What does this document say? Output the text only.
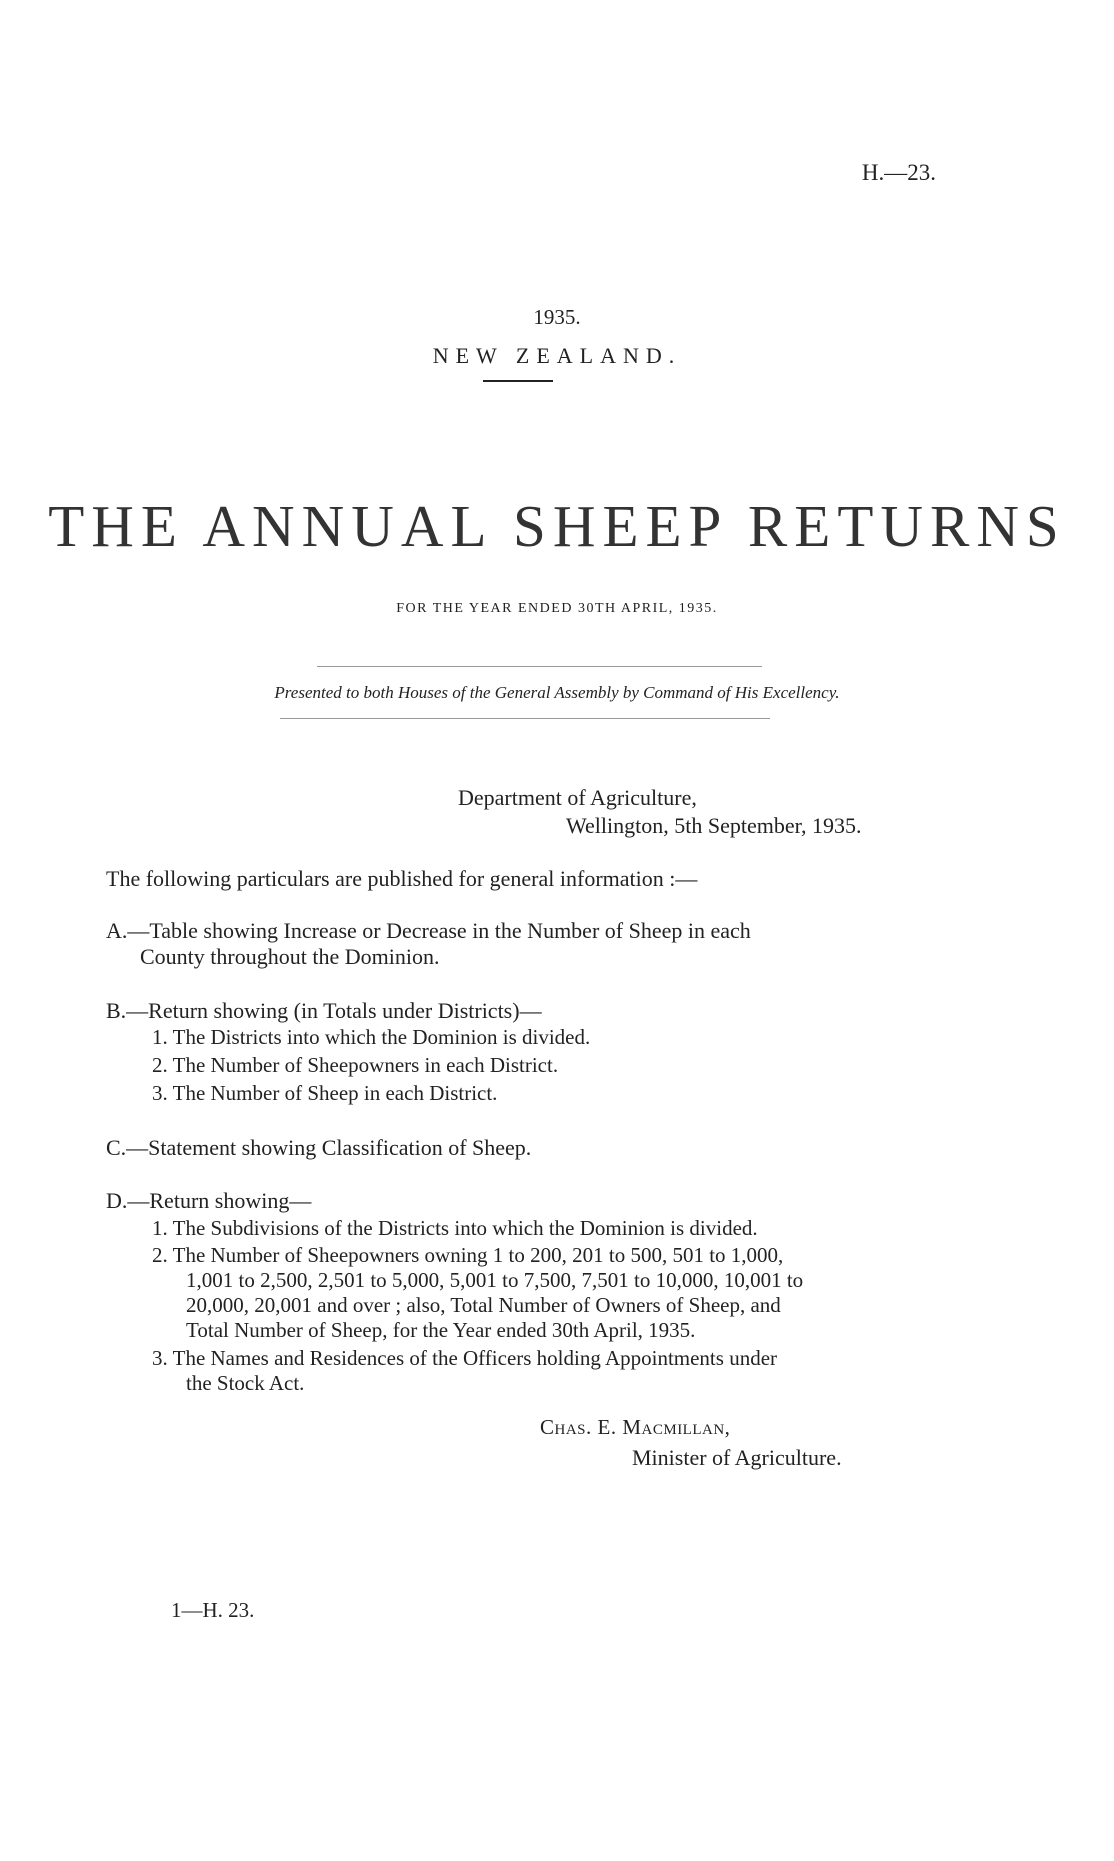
H.—23.
1935.
NEW ZEALAND.
THE ANNUAL SHEEP RETURNS
FOR THE YEAR ENDED 30TH APRIL, 1935.
Presented to both Houses of the General Assembly by Command of His Excellency.
Department of Agriculture,
Wellington, 5th September, 1935.
The following particulars are published for general information :—
A.—Table showing Increase or Decrease in the Number of Sheep in each
County throughout the Dominion.
B.—Return showing (in Totals under Districts)—
1. The Districts into which the Dominion is divided.
2. The Number of Sheepowners in each District.
3. The Number of Sheep in each District.
C.—Statement showing Classification of Sheep.
D.—Return showing—
1. The Subdivisions of the Districts into which the Dominion is divided.
2. The Number of Sheepowners owning 1 to 200, 201 to 500, 501 to 1,000,
1,001 to 2,500, 2,501 to 5,000, 5,001 to 7,500, 7,501 to 10,000, 10,001 to
20,000, 20,001 and over ; also, Total Number of Owners of Sheep, and
Total Number of Sheep, for the Year ended 30th April, 1935.
3. The Names and Residences of the Officers holding Appointments under
the Stock Act.
Chas. E. Macmillan,
Minister of Agriculture.
1—H. 23.
